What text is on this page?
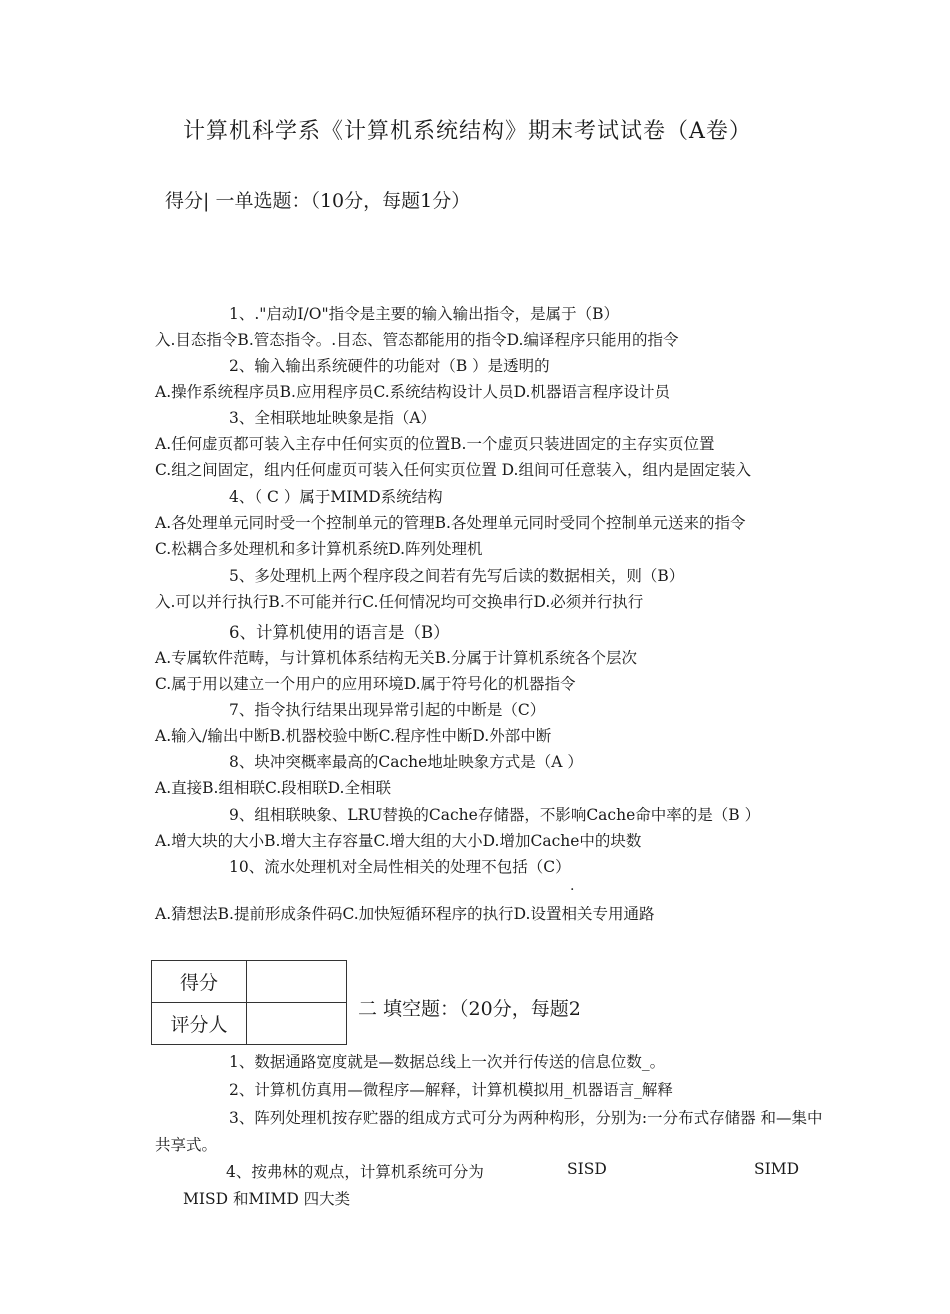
计算机科学系《计算机系统结构》期末考试试卷（A卷）
得分| 一单选题：（10分，每题1分）
1、."启动I/O"指令是主要的输入输出指令，是属于（B）
入.目态指令B.管态指令。.目态、管态都能用的指令D.编译程序只能用的指令
2、输入输出系统硬件的功能对（B ）是透明的
A.操作系统程序员B.应用程序员C.系统结构设计人员D.机器语言程序设计员
3、全相联地址映象是指（A）
A.任何虚页都可装入主存中任何实页的位置B.一个虚页只装进固定的主存实页位置
C.组之间固定，组内任何虚页可装入任何实页位置 D.组间可任意装入，组内是固定装入
4、（ C ）属于MIMD系统结构
A.各处理单元同时受一个控制单元的管理B.各处理单元同时受同个控制单元送来的指令
C.松耦合多处理机和多计算机系统D.阵列处理机
5、多处理机上两个程序段之间若有先写后读的数据相关，则（B）
入.可以并行执行B.不可能并行C.任何情况均可交换串行D.必须并行执行
6、计算机使用的语言是（B）
A.专属软件范畴，与计算机体系结构无关B.分属于计算机系统各个层次
C.属于用以建立一个用户的应用环境D.属于符号化的机器指令
7、指令执行结果出现异常引起的中断是（C）
A.输入/输出中断B.机器校验中断C.程序性中断D.外部中断
8、块冲突概率最高的Cache地址映象方式是（A ）
A.直接B.组相联C.段相联D.全相联
9、组相联映象、LRU替换的Cache存储器，不影响Cache命中率的是（B ）
A.增大块的大小B.增大主存容量C.增大组的大小D.增加Cache中的块数
10、流水处理机对全局性相关的处理不包括（C）
.
A.猜想法B.提前形成条件码C.加快短循环程序的执行D.设置相关专用通路
得分	
评分人	
二 填空题：（20分，每题2
1、数据通路宽度就是—数据总线上一次并行传送的信息位数_。
2、计算机仿真用—微程序—解释，计算机模拟用_机器语言_解释
3、阵列处理机按存贮器的组成方式可分为两种构形，分别为:一分布式存储器 和—集中
共享式。
4、按弗林的观点，计算机系统可分为	SISD	SIMD
MISD 和MIMD 四大类
